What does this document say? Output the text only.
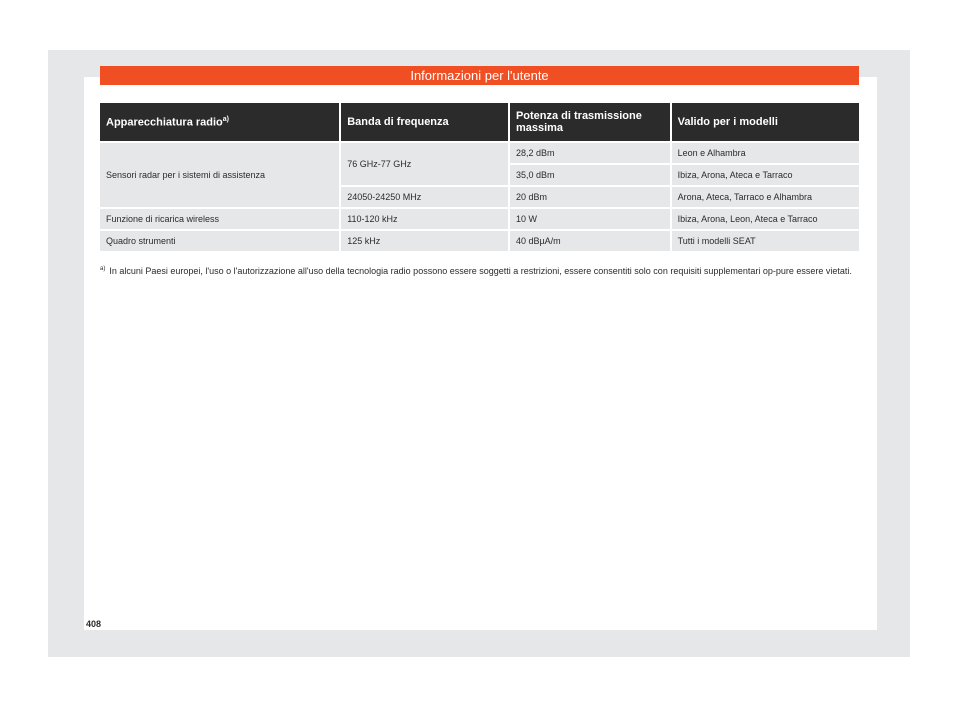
Informazioni per l'utente
Apparecchiatura radio$^{a)}$	Banda di frequenza	Potenza di trasmissione massima	Valido per i modelli
Sensori radar per i sistemi di assistenza	76 GHz-77 GHz	28,2 dBm	Leon e Alhambra
		35,0 dBm	Ibiza, Arona, Ateca e Tarraco
	24050-24250 MHz	20 dBm	Arona, Ateca, Tarraco e Alhambra
Funzione di ricarica wireless	110-120 kHz	10 W	Ibiza, Arona, Leon, Ateca e Tarraco
Quadro strumenti	125 kHz	40 dBµA/m	Tutti i modelli SEAT
$^{a)}$ In alcuni Paesi europei, l'uso o l'autorizzazione all'uso della tecnologia radio possono essere soggetti a restrizioni, essere consentiti solo con requisiti supplementari op-pure essere vietati.
408
